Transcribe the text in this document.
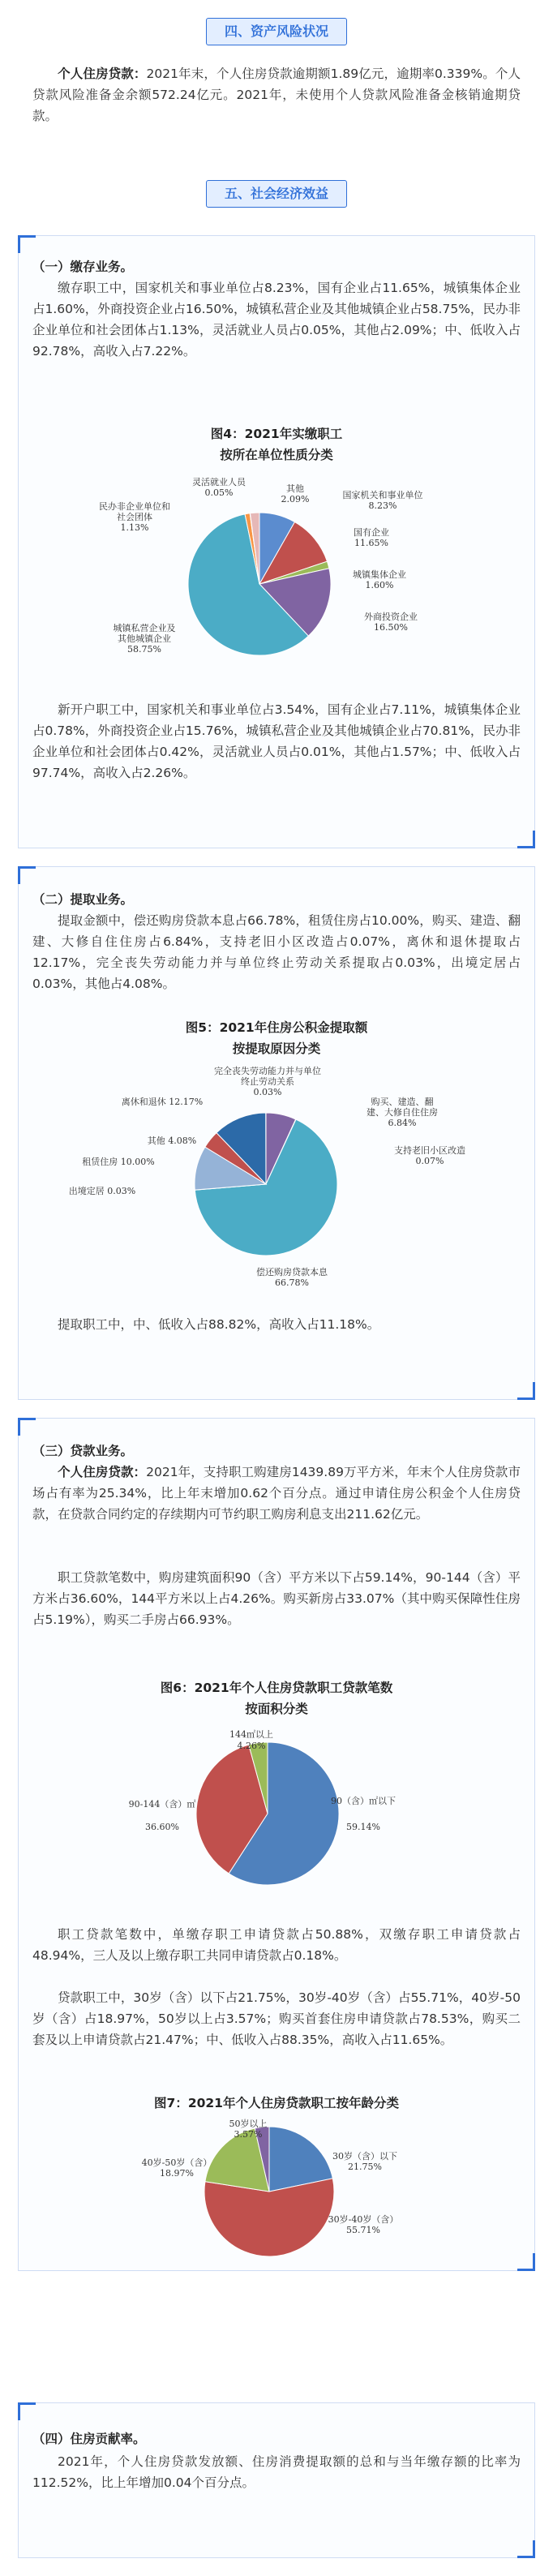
四、资产风险状况
个人住房贷款：2021年末，个人住房贷款逾期额1.89亿元，逾期率0.339%。个人贷款风险准备金余额572.24亿元。2021年，未使用个人贷款风险准备金核销逾期贷款。
五、社会经济效益
（一）缴存业务。
缴存职工中，国家机关和事业单位占8.23%，国有企业占11.65%，城镇集体企业占1.60%，外商投资企业占16.50%，城镇私营企业及其他城镇企业占58.75%，民办非企业单位和社会团体占1.13%，灵活就业人员占0.05%，其他占2.09%；中、低收入占92.78%，高收入占7.22%。
图4：2021年实缴职工
按所在单位性质分类
灵活就业人员
0.05%
民办非企业单位和
社会团体
1.13%
其他
2.09%	国家机关和事业单位
8.23%
国有企业
11.65%
城镇集体企业
1.60%
外商投资企业
16.50%
城镇私营企业及
其他城镇企业
58.75%
新开户职工中，国家机关和事业单位占3.54%，国有企业占7.11%，城镇集体企业占0.78%，外商投资企业占15.76%，城镇私营企业及其他城镇企业占70.81%，民办非企业单位和社会团体占0.42%，灵活就业人员占0.01%，其他占1.57%；中、低收入占97.74%，高收入占2.26%。
（二）提取业务。
提取金额中，偿还购房贷款本息占66.78%，租赁住房占10.00%，购买、建造、翻建、大修自住住房占6.84%，支持老旧小区改造占0.07%，离休和退休提取占12.17%，完全丧失劳动能力并与单位终止劳动关系提取占0.03%，出境定居占0.03%，其他占4.08%。
图5：2021年住房公积金提取额
按提取原因分类
完全丧失劳动能力并与单位
终止劳动关系
0.03%
离休和退休 12.17%
其他 4.08%
租赁住房 10.00%
出境定居 0.03%
购买、建造、翻
建、大修自住住房
6.84%
支持老旧小区改造
0.07%
偿还购房贷款本息
66.78%
提取职工中，中、低收入占88.82%，高收入占11.18%。
（三）贷款业务。
个人住房贷款：2021年，支持职工购建房1439.89万平方米，年末个人住房贷款市场占有率为25.34%，比上年末增加0.62个百分点。通过申请住房公积金个人住房贷款，在贷款合同约定的存续期内可节约职工购房利息支出211.62亿元。
职工贷款笔数中，购房建筑面积90（含）平方米以下占59.14%，90-144（含）平方米占36.60%，144平方米以上占4.26%。购买新房占33.07%（其中购买保障性住房占5.19%），购买二手房占66.93%。
图6：2021年个人住房贷款职工贷款笔数
按面积分类
144㎡以上
4.26%
90-144（含）㎡
36.60%
90（含）㎡以下
59.14%
职工贷款笔数中，单缴存职工申请贷款占50.88%，双缴存职工申请贷款占48.94%，三人及以上缴存职工共同申请贷款占0.18%。
贷款职工中，30岁（含）以下占21.75%，30岁-40岁（含）占55.71%，40岁-50岁（含）占18.97%，50岁以上占3.57%；购买首套住房申请贷款占78.53%，购买二套及以上申请贷款占21.47%；中、低收入占88.35%，高收入占11.65%。
图7：2021年个人住房贷款职工按年龄分类
50岁以上
3.57%
40岁-50岁（含）
18.97%
30岁（含）以下
21.75%
30岁-40岁（含）
55.71%
（四）住房贡献率。
2021年，个人住房贷款发放额、住房消费提取额的总和与当年缴存额的比率为112.52%，比上年增加0.04个百分点。
